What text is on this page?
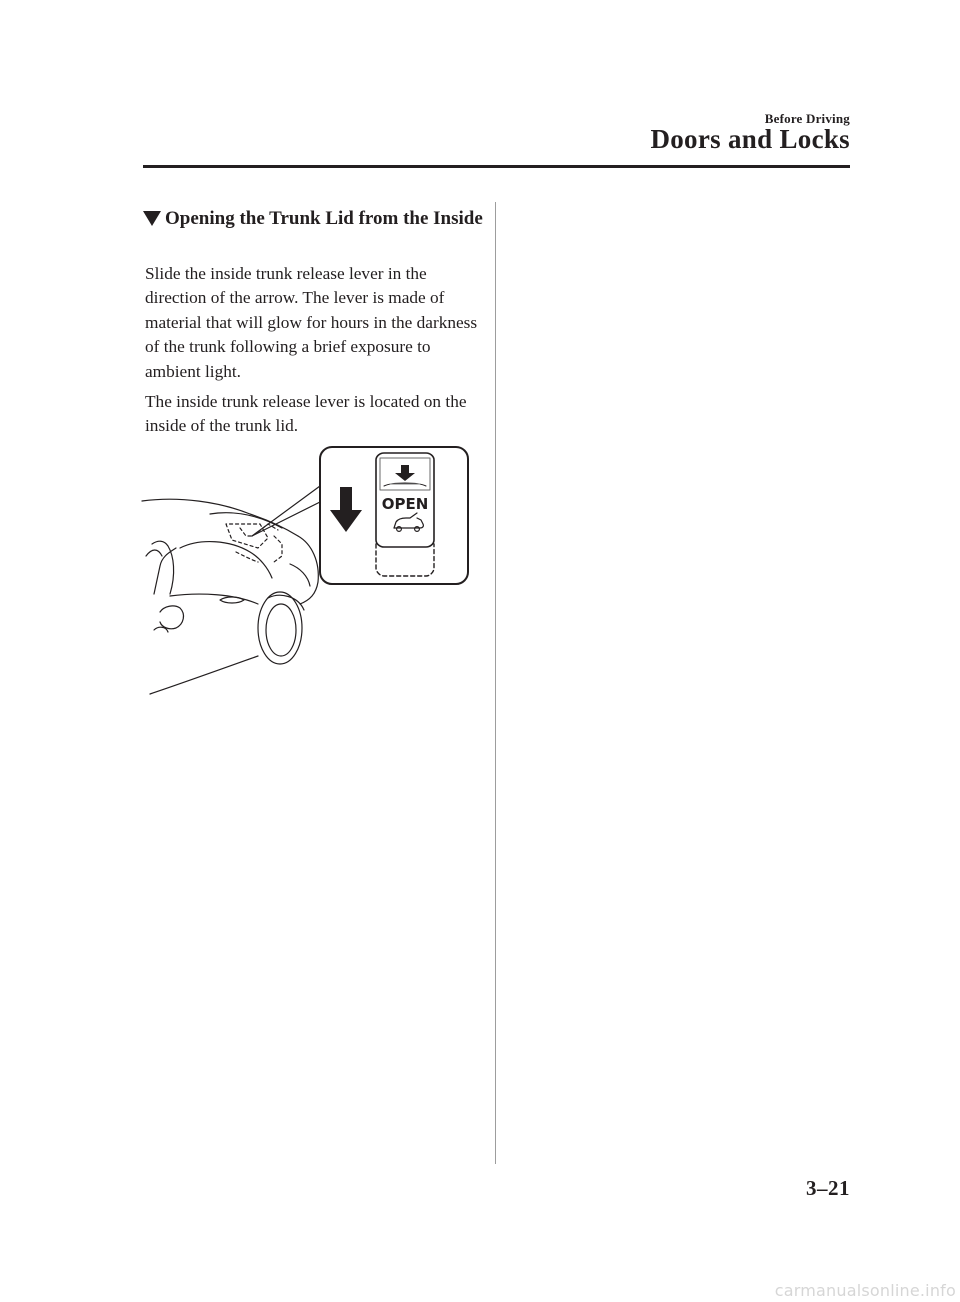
Before Driving
Doors and Locks
Opening the Trunk Lid from the Inside

Slide the inside trunk release lever in the direction of the arrow. The lever is made of material that will glow for hours in the darkness of the trunk following a brief exposure to ambient light.

The inside trunk release lever is located on the inside of the trunk lid.

OPEN
3–21
carmanualsonline.info
